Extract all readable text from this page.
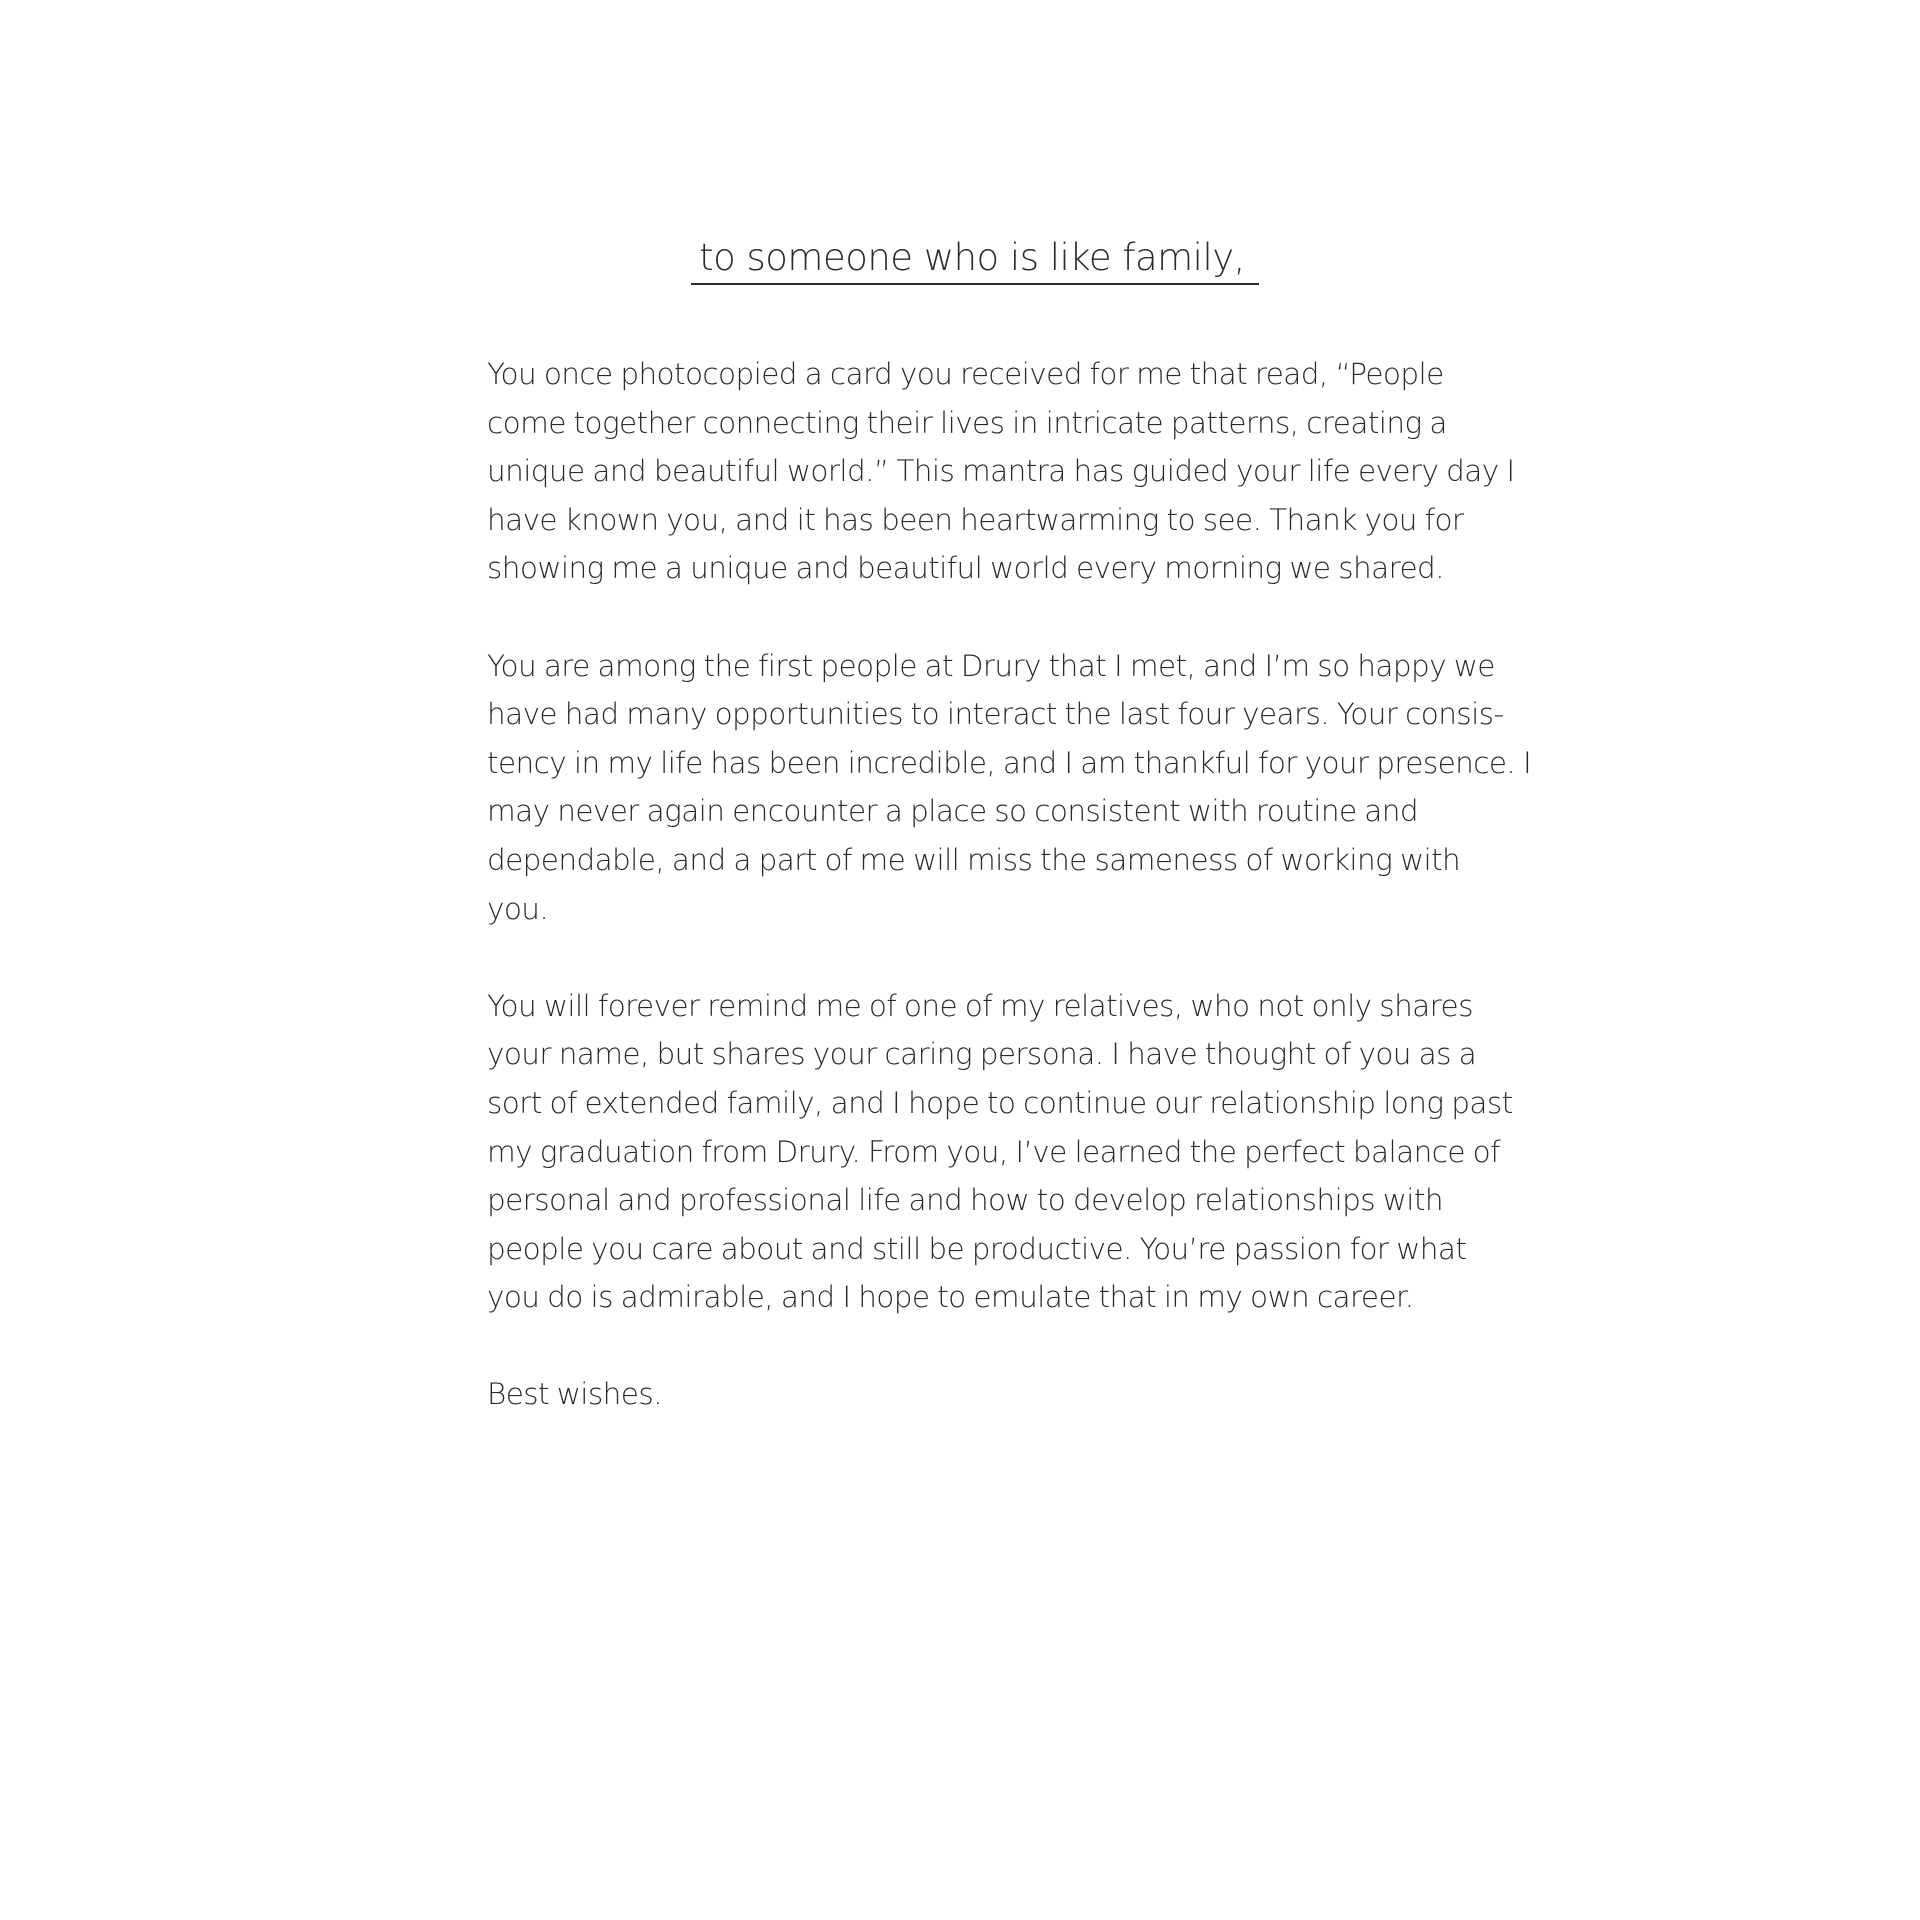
to someone who is like family,

You once photocopied a card you received for me that read, “People
come together connecting their lives in intricate patterns, creating a
unique and beautiful world.” This mantra has guided your life every day I
have known you, and it has been heartwarming to see. Thank you for
showing me a unique and beautiful world every morning we shared.

You are among the first people at Drury that I met, and I’m so happy we
have had many opportunities to interact the last four years. Your consis-
tency in my life has been incredible, and I am thankful for your presence. I
may never again encounter a place so consistent with routine and
dependable, and a part of me will miss the sameness of working with
you.

You will forever remind me of one of my relatives, who not only shares
your name, but shares your caring persona. I have thought of you as a
sort of extended family, and I hope to continue our relationship long past
my graduation from Drury. From you, I’ve learned the perfect balance of
personal and professional life and how to develop relationships with
people you care about and still be productive. You’re passion for what
you do is admirable, and I hope to emulate that in my own career.

Best wishes.
